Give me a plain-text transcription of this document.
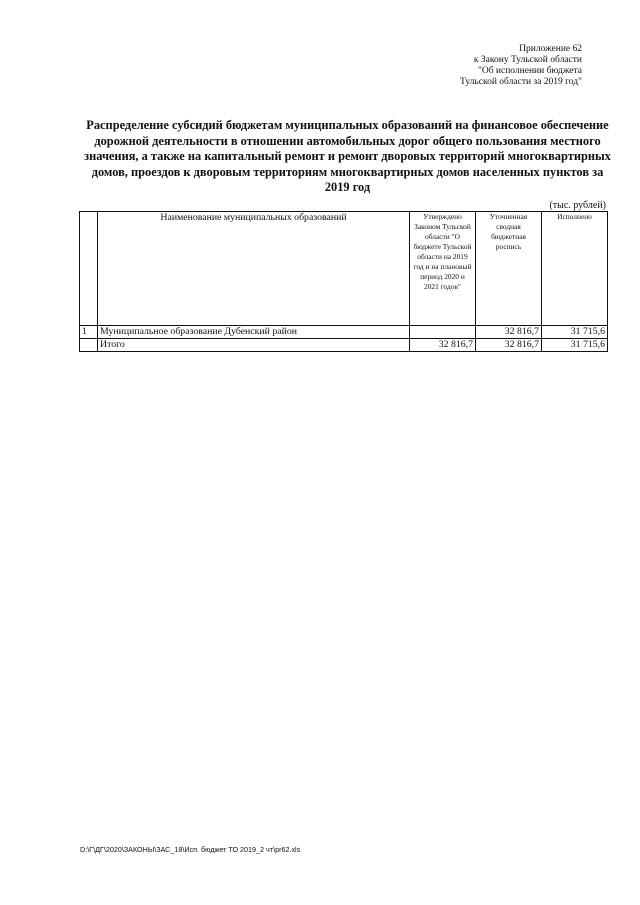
Приложение 62
к Закону Тульской области
"Об исполнении бюджета
Тульской области за 2019 год"
Распределение субсидий бюджетам муниципальных образований на финансовое обеспечение дорожной деятельности в отношении автомобильных дорог общего пользования местного значения, а также на капитальный ремонт и ремонт дворовых территорий многоквартирных домов, проездов к дворовым территориям многоквартирных домов населенных пунктов за 2019 год
(тыс. рублей)
	Наименование муниципальных образований	Утверждено Законом Тульской области "О бюджете Тульской области на 2019 год и на плановый период 2020 и 2021 годов"	Уточненная сводная бюджетная роспись	Исполнено
1	Муниципальное образование Дубенский район		32 816,7	31 715,6
	Итого	32 816,7	32 816,7	31 715,6
D:\Г\ДГ\2020\ЗАКОНЫ\ЗАС_18\Исп. бюджет ТО 2019_2 чт\pr62.xls
